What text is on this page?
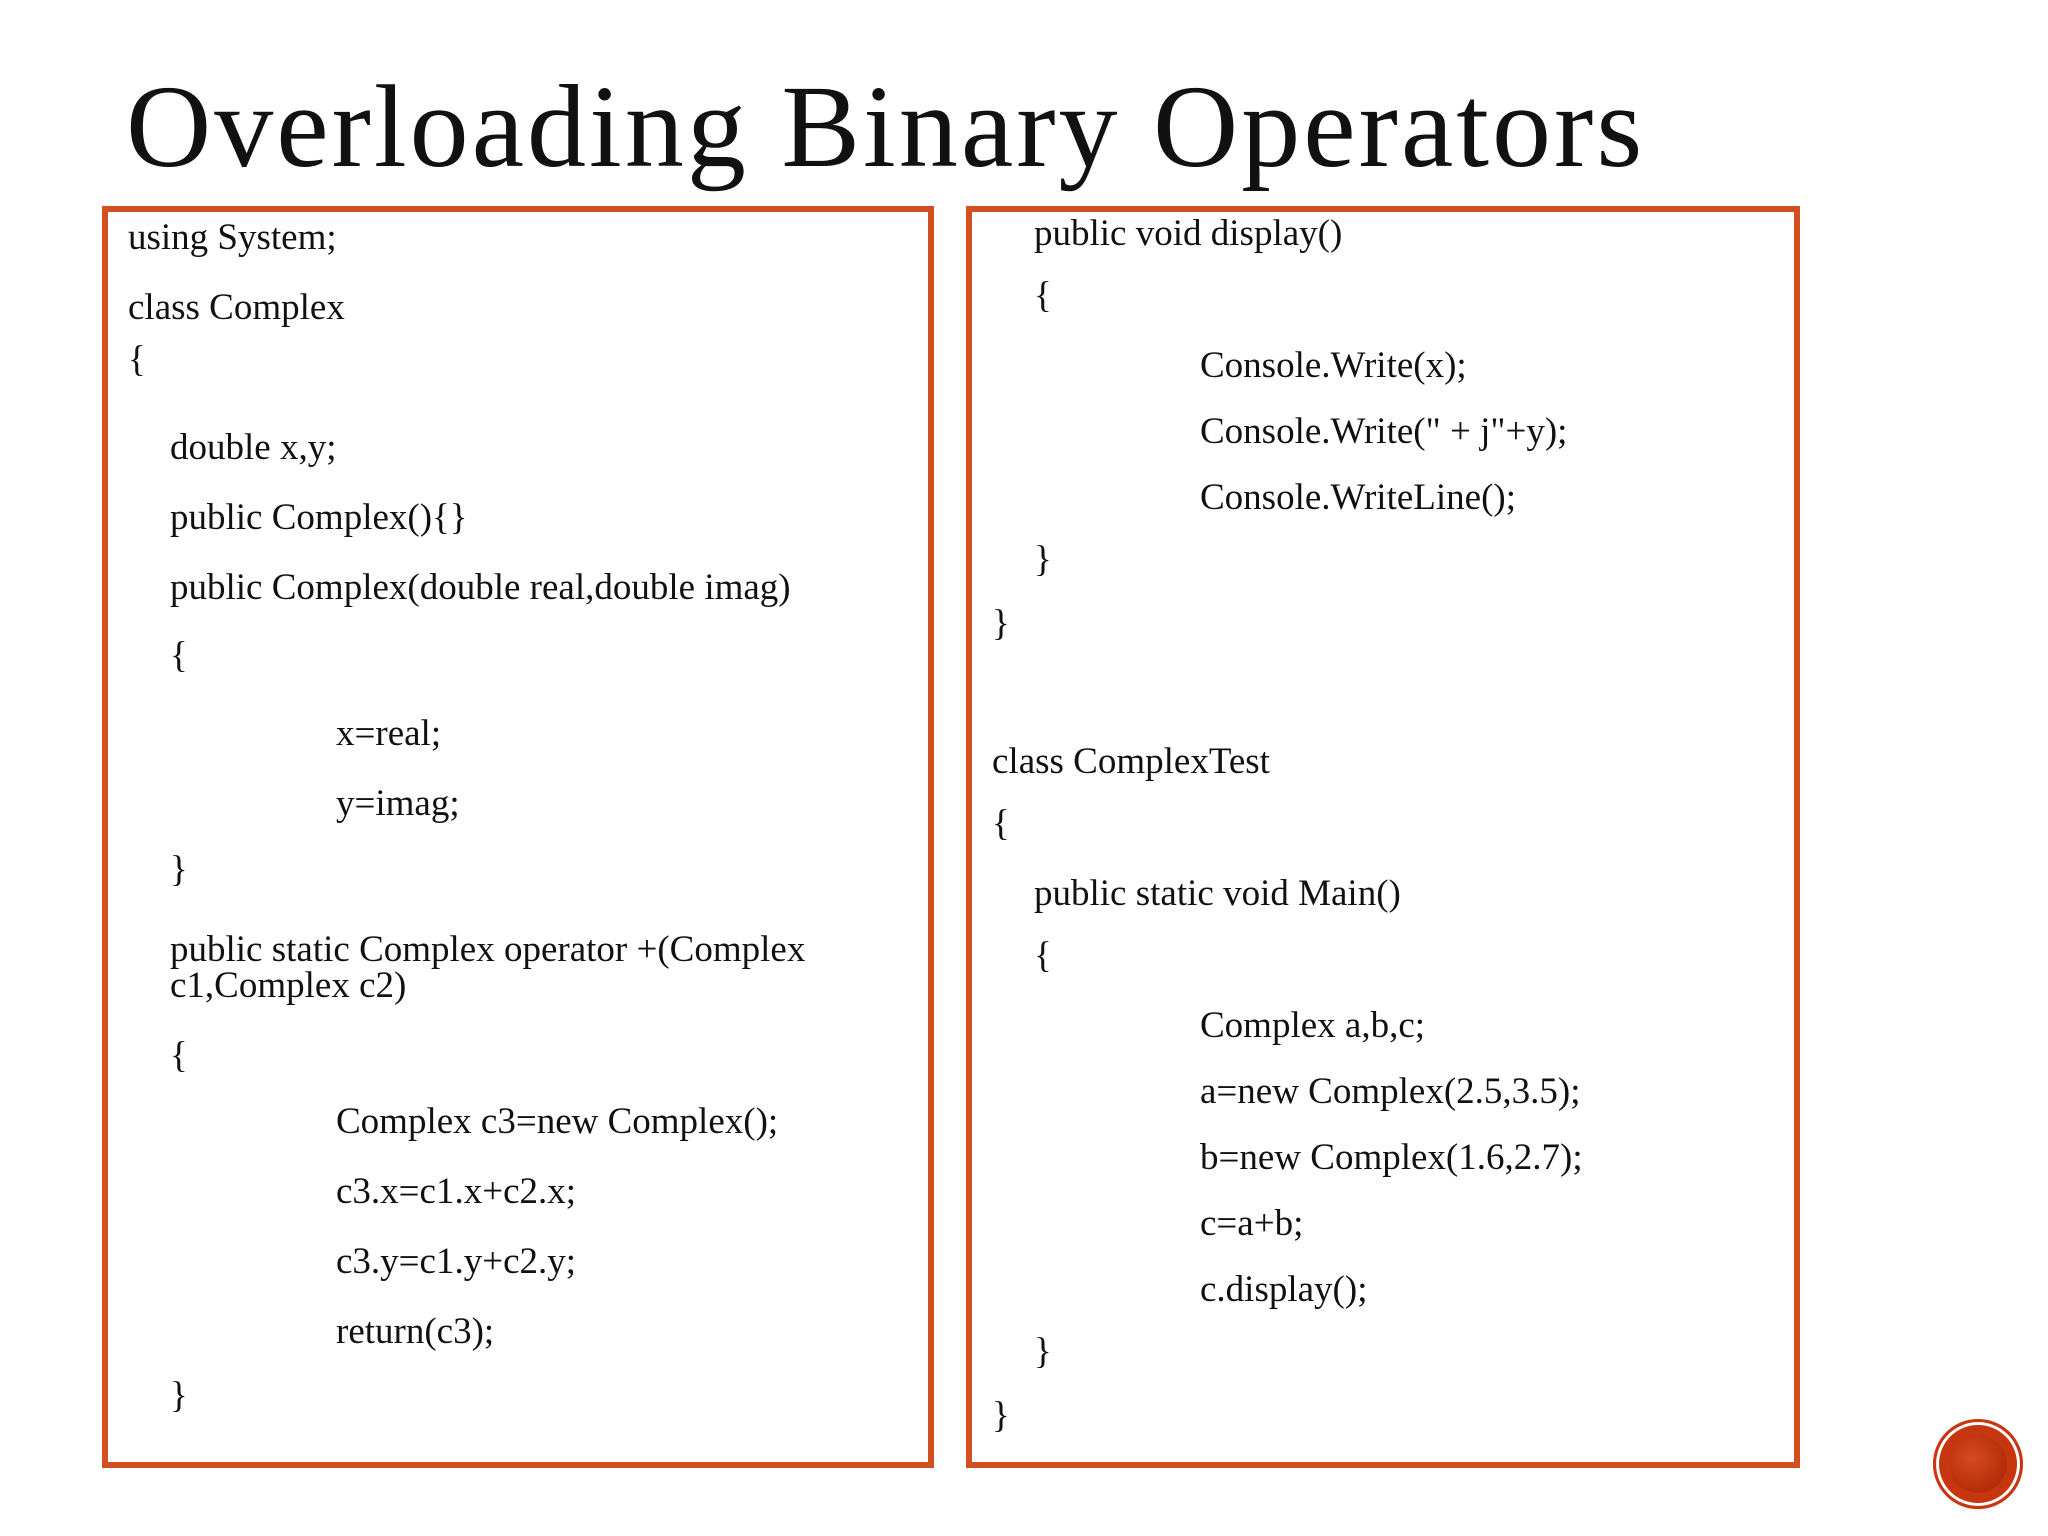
Overloading Binary Operators
using System;
class Complex
{
double x,y;
public Complex(){}
public Complex(double real,double imag)
{
x=real;
y=imag;
}
public static Complex operator +(Complex c1,Complex c2)
{
Complex c3=new Complex();
c3.x=c1.x+c2.x;
c3.y=c1.y+c2.y;
return(c3);
}
public void display()
{
Console.Write(x);
Console.Write(" + j"+y);
Console.WriteLine();
}
}
class ComplexTest
{
public static void Main()
{
Complex a,b,c;
a=new Complex(2.5,3.5);
b=new Complex(1.6,2.7);
c=a+b;
c.display();
}
}
